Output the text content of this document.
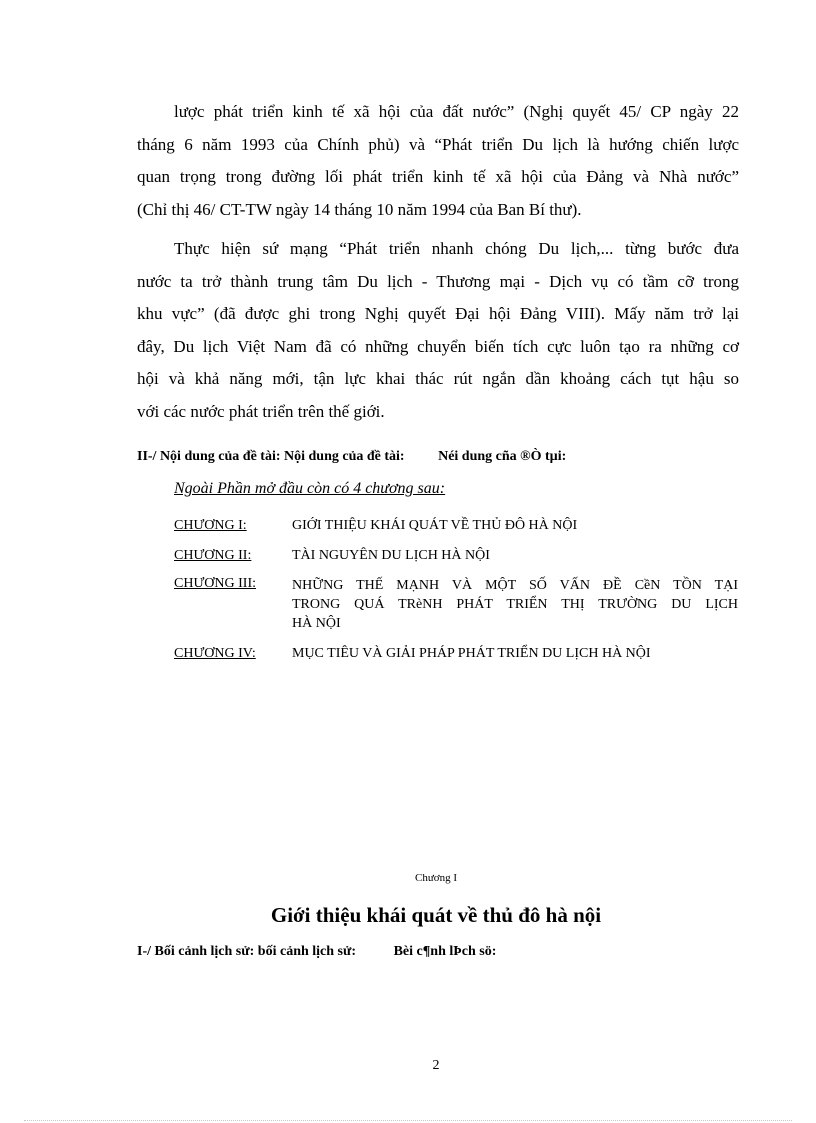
lược phát triển kinh tế xã hội của đất nước” (Nghị quyết 45/ CP ngày 22
tháng 6 năm 1993 của Chính phủ) và “Phát triển Du lịch là hướng chiến lược
quan trọng trong đường lối phát triển kinh tế xã hội của Đảng và Nhà nước”
(Chỉ thị 46/ CT-TW ngày 14 tháng 10 năm 1994 của Ban Bí thư).
Thực hiện sứ mạng “Phát triển nhanh chóng Du lịch,... từng bước đưa
nước ta trở thành trung tâm Du lịch - Thương mại - Dịch vụ có tầm cỡ trong
khu vực” (đã được ghi trong Nghị quyết Đại hội Đảng VIII). Mấy năm trở lại
đây, Du lịch Việt Nam đã có những chuyển biến tích cực luôn tạo ra những cơ
hội và khả năng mới, tận lực khai thác rút ngắn dần khoảng cách tụt hậu so
với các nước phát triển trên thế giới.
II-/ Nội dung của đề tài: Nội dung của đề tài: Néi dung cña ®Ò tµi:
Ngoài Phần mở đầu còn có 4 chương sau:
CHƯƠNG I:	GIỚI THIỆU KHÁI QUÁT VỀ THỦ ĐÔ HÀ NỘI
CHƯƠNG II:	TÀI NGUYÊN DU LỊCH HÀ NỘI
CHƯƠNG III:	NHỮNG THẾ MẠNH VÀ MỘT SỐ VẤN ĐỀ CềN TỒN TẠI
TRONG QUÁ TRèNH PHÁT TRIỂN THỊ TRƯỜNG DU LỊCH
HÀ NỘI
CHƯƠNG IV:	MỤC TIÊU VÀ GIẢI PHÁP PHÁT TRIỂN DU LỊCH HÀ NỘI
Chương I
Giới thiệu khái quát về thủ đô hà nội
I-/ Bối cảnh lịch sử: bối cảnh lịch sử:	Bèi c¶nh lÞch sö:
2
